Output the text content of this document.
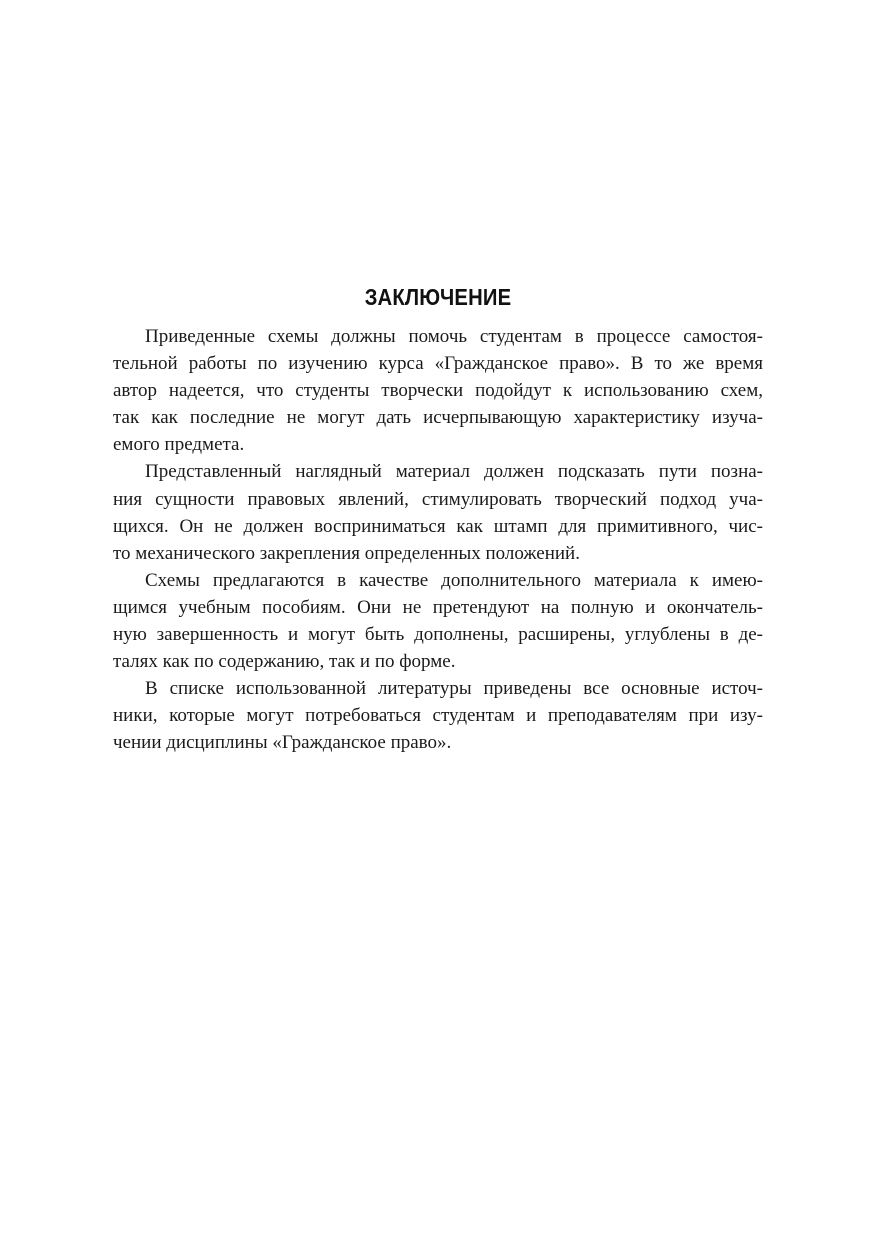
ЗАКЛЮЧЕНИЕ
Приведенные схемы должны помочь студентам в процессе самостоя-
тельной работы по изучению курса «Гражданское право». В то же время
автор надеется, что студенты творчески подойдут к использованию схем,
так как последние не могут дать исчерпывающую характеристику изуча-
емого предмета.
Представленный наглядный материал должен подсказать пути позна-
ния сущности правовых явлений, стимулировать творческий подход уча-
щихся. Он не должен восприниматься как штамп для примитивного, чис-
то механического закрепления определенных положений.
Схемы предлагаются в качестве дополнительного материала к имею-
щимся учебным пособиям. Они не претендуют на полную и окончатель-
ную завершенность и могут быть дополнены, расширены, углублены в де-
талях как по содержанию, так и по форме.
В списке использованной литературы приведены все основные источ-
ники, которые могут потребоваться студентам и преподавателям при изу-
чении дисциплины «Гражданское право».
